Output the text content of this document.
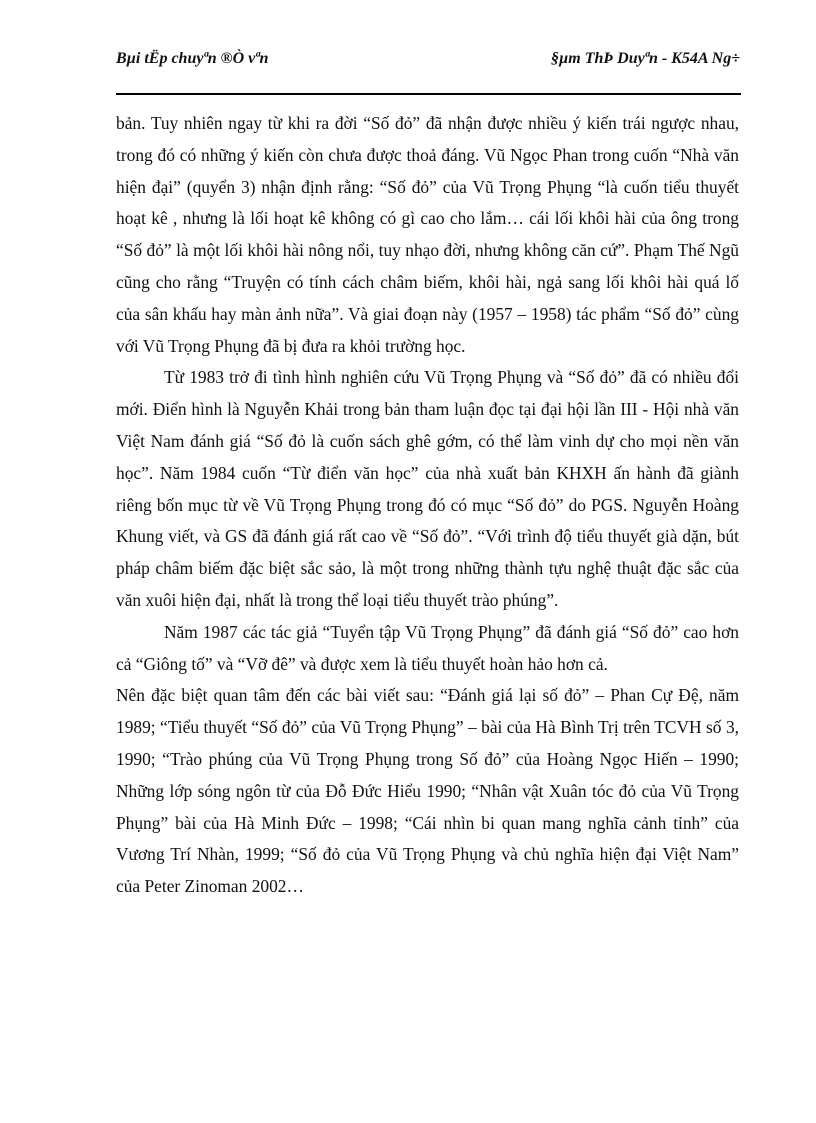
Bµi tËp chuyªn ®Ò vªn	§µm ThÞ Duyªn - K54A Ng÷

bản. Tuy nhiên ngay từ khi ra đời “Số đỏ” đã nhận được nhiều ý kiến trái ngược nhau, trong đó có những ý kiến còn chưa được thoả đáng. Vũ Ngọc Phan trong cuốn “Nhà văn hiện đại” (quyển 3) nhận định rằng: “Số đỏ” của Vũ Trọng Phụng “là cuốn tiểu thuyết hoạt kê , nhưng là lối hoạt kê không có gì cao cho lắm… cái lối khôi hài của ông trong “Số đỏ” là một lối khôi hài nông nổi, tuy nhạo đời, nhưng không căn cứ”. Phạm Thế Ngũ cũng cho rằng “Truyện có tính cách châm biếm, khôi hài, ngả sang lối khôi hài quá lố của sân khấu hay màn ảnh nữa”. Và giai đoạn này (1957 – 1958) tác phẩm “Số đỏ” cùng với Vũ Trọng Phụng đã bị đưa ra khỏi trường học.

Từ 1983 trở đi tình hình nghiên cứu Vũ Trọng Phụng và “Số đỏ” đã có nhiều đổi mới. Điển hình là Nguyễn Khải trong bản tham luận đọc tại đại hội lần III - Hội nhà văn Việt Nam đánh giá “Số đỏ là cuốn sách ghê gớm, có thể làm vinh dự cho mọi nền văn học”. Năm 1984 cuốn “Từ điển văn học” của nhà xuất bản KHXH ấn hành đã giành riêng bốn mục từ về Vũ Trọng Phụng trong đó có mục “Số đỏ” do PGS. Nguyễn Hoàng Khung viết, và GS đã đánh giá rất cao về “Số đỏ”. “Với trình độ tiểu thuyết già dặn, bút pháp châm biếm đặc biệt sắc sảo, là một trong những thành tựu nghệ thuật đặc sắc của văn xuôi hiện đại, nhất là trong thể loại tiểu thuyết trào phúng”.

Năm 1987 các tác giả “Tuyển tập Vũ Trọng Phụng” đã đánh giá “Số đỏ” cao hơn cả “Giông tố” và “Vỡ đê” và được xem là tiểu thuyết hoàn hảo hơn cả.

Nên đặc biệt quan tâm đến các bài viết sau: “Đánh giá lại số đỏ” – Phan Cự Đệ, năm 1989; “Tiểu thuyết “Số đỏ” của Vũ Trọng Phụng” – bài của Hà Bình Trị trên TCVH số 3, 1990; “Trào phúng của Vũ Trọng Phụng trong Số đỏ” của Hoàng Ngọc Hiến – 1990; Những lớp sóng ngôn từ của Đỗ Đức Hiểu 1990; “Nhân vật Xuân tóc đỏ của Vũ Trọng Phụng” bài của Hà Minh Đức – 1998; “Cái nhìn bi quan mang nghĩa cảnh tỉnh” của Vương Trí Nhàn, 1999; “Số đỏ của Vũ Trọng Phụng và chủ nghĩa hiện đại Việt Nam” của Peter Zinoman 2002…
